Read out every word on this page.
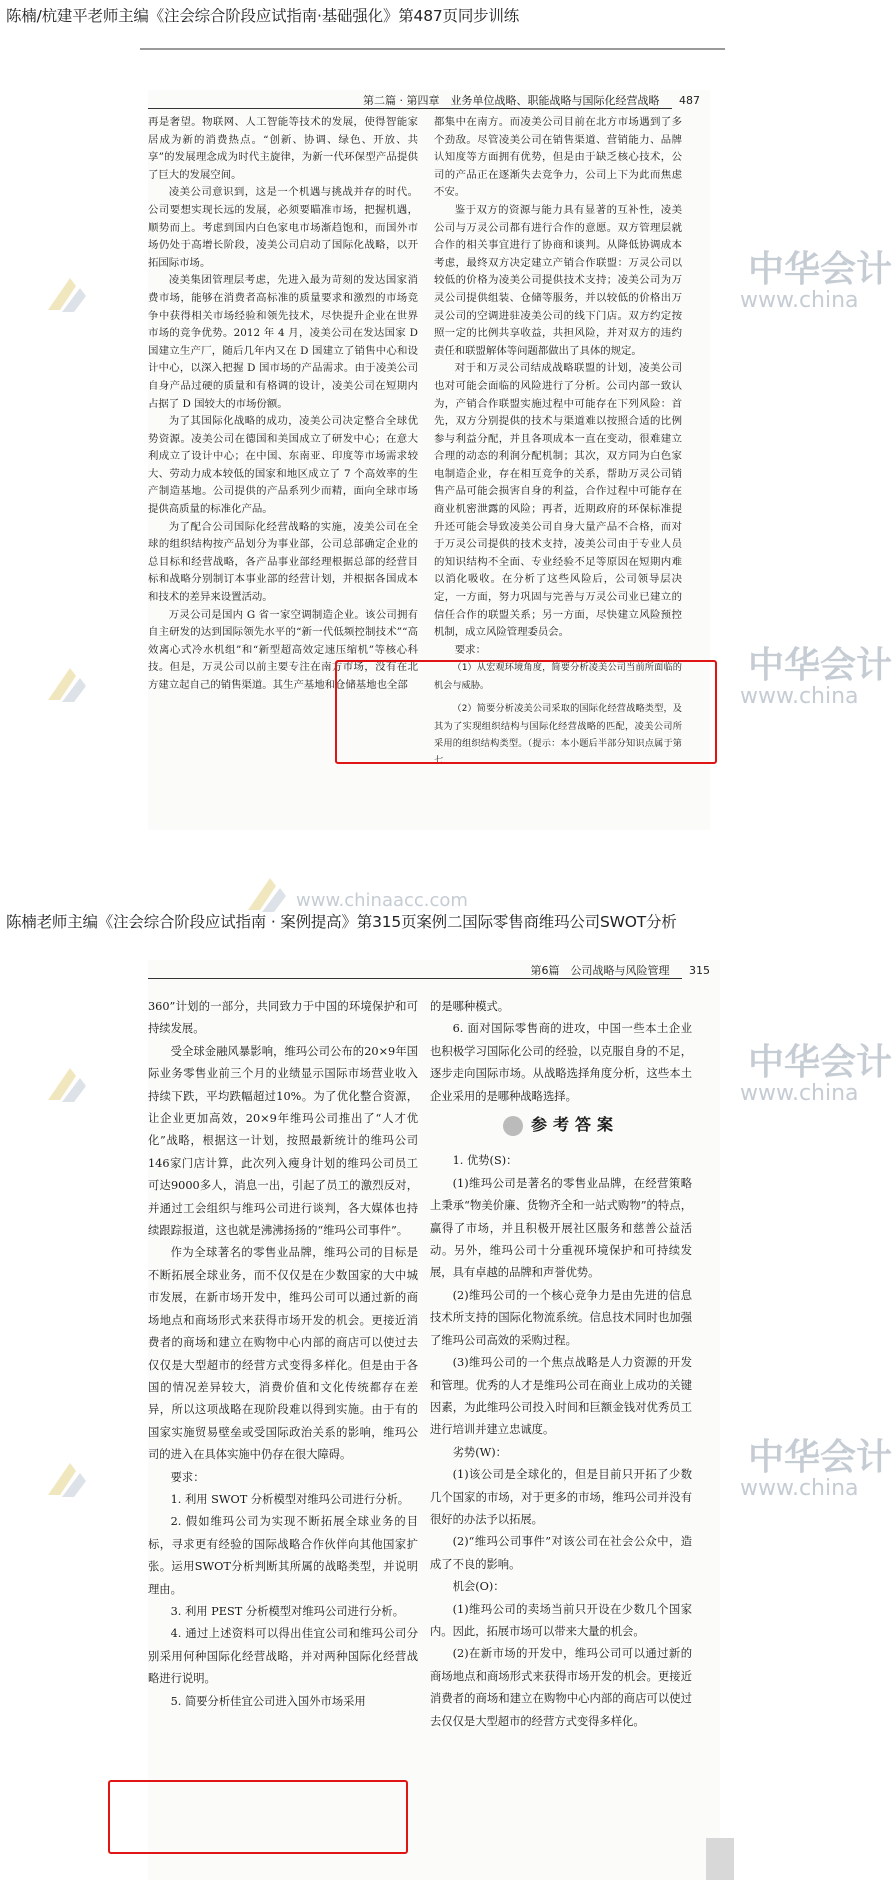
陈楠/杭建平老师主编《注会综合阶段应试指南·基础强化》第487页同步训练
陈楠老师主编《注会综合阶段应试指南 · 案例提高》第315页案例二国际零售商维玛公司SWOT分析
中华会计
www.china
中华会计
www.china
中华会计
www.china
中华会计
www.china
www.chinaacc.com
第二篇 · 第四章　业务单位战略、职能战略与国际化经营战略 487

再是奢望。物联网、人工智能等技术的发展，使得智能家居成为新的消费热点。“创新、协调、绿色、开放、共享”的发展理念成为时代主旋律，为新一代环保型产品提供了巨大的发展空间。

凌美公司意识到，这是一个机遇与挑战并存的时代。公司要想实现长远的发展，必须要瞄准市场，把握机遇，顺势而上。考虑到国内白色家电市场渐趋饱和，而国外市场仍处于高增长阶段，凌美公司启动了国际化战略，以开拓国际市场。

凌美集团管理层考虑，先进入最为苛刻的发达国家消费市场，能够在消费者高标准的质量要求和激烈的市场竞争中获得相关市场经验和领先技术，尽快提升企业在世界市场的竞争优势。2012 年 4 月，凌美公司在发达国家 D 国建立生产厂，随后几年内又在 D 国建立了销售中心和设计中心，以深入把握 D 国市场的产品需求。由于凌美公司自身产品过硬的质量和有格调的设计，凌美公司在短期内占据了 D 国较大的市场份额。

为了其国际化战略的成功，凌美公司决定整合全球优势资源。凌美公司在德国和美国成立了研发中心；在意大利成立了设计中心；在中国、东南亚、印度等市场需求较大、劳动力成本较低的国家和地区成立了 7 个高效率的生产制造基地。公司提供的产品系列少而精，面向全球市场提供高质量的标准化产品。

为了配合公司国际化经营战略的实施，凌美公司在全球的组织结构按产品划分为事业部，公司总部确定企业的总目标和经营战略，各产品事业部经理根据总部的经营目标和战略分别制订本事业部的经营计划，并根据各国成本和技术的差异来设置活动。

万灵公司是国内 G 省一家空调制造企业。该公司拥有自主研发的达到国际领先水平的“新一代低频控制技术”“高效离心式冷水机组”和“新型超高效定速压缩机”等核心科技。但是，万灵公司以前主要专注在南方市场，没有在北方建立起自己的销售渠道。其生产基地和仓储基地也全部

都集中在南方。而凌美公司目前在北方市场遇到了多个劲敌。尽管凌美公司在销售渠道、营销能力、品牌认知度等方面拥有优势，但是由于缺乏核心技术，公司的产品正在逐渐失去竞争力，公司上下为此而焦虑不安。

鉴于双方的资源与能力具有显著的互补性，凌美公司与万灵公司都有进行合作的意愿。双方管理层就合作的相关事宜进行了协商和谈判。从降低协调成本考虑，最终双方决定建立产销合作联盟：万灵公司以较低的价格为凌美公司提供技术支持；凌美公司为万灵公司提供组装、仓储等服务，并以较低的价格出万灵公司的空调进驻凌美公司的线下门店。双方约定按照一定的比例共享收益，共担风险，并对双方的违约责任和联盟解体等问题都做出了具体的规定。

对于和万灵公司结成战略联盟的计划，凌美公司也对可能会面临的风险进行了分析。公司内部一致认为，产销合作联盟实施过程中可能存在下列风险：首先，双方分别提供的技术与渠道难以按照合适的比例参与利益分配，并且各项成本一直在变动，很难建立合理的动态的利润分配机制；其次，双方同为白色家电制造企业，存在相互竞争的关系，帮助万灵公司销售产品可能会损害自身的利益，合作过程中可能存在商业机密泄露的风险；再者，近期政府的环保标准提升还可能会导致凌美公司自身大量产品不合格，而对于万灵公司提供的技术支持，凌美公司由于专业人员的知识结构不全面、专业经验不足等原因在短期内难以消化吸收。在分析了这些风险后，公司领导层决定，一方面，努力巩固与完善与万灵公司业已建立的信任合作的联盟关系；另一方面，尽快建立风险预控机制，成立风险管理委员会。

要求：

（1）从宏观环境角度，简要分析凌美公司当前所面临的机会与威胁。

（2）简要分析凌美公司采取的国际化经营战略类型，及其为了实现组织结构与国际化经营战略的匹配，凌美公司所采用的组织结构类型。（提示：本小题后半部分知识点属于第七

第6篇　公司战略与风险管理 315

360”计划的一部分，共同致力于中国的环境保护和可持续发展。

受全球金融风暴影响，维玛公司公布的20×9年国际业务零售业前三个月的业绩显示国际市场营业收入持续下跌，平均跌幅超过10%。为了优化整合资源，让企业更加高效，20×9年维玛公司推出了“人才优化”战略，根据这一计划，按照最新统计的维玛公司146家门店计算，此次列入瘦身计划的维玛公司员工可达9000多人，消息一出，引起了员工的激烈反对，并通过工会组织与维玛公司进行谈判，各大媒体也持续跟踪报道，这也就是沸沸扬扬的“维玛公司事件”。

作为全球著名的零售业品牌，维玛公司的目标是不断拓展全球业务，而不仅仅是在少数国家的大中城市发展，在新市场开发中，维玛公司可以通过新的商场地点和商场形式来获得市场开发的机会。更接近消费者的商场和建立在购物中心内部的商店可以使过去仅仅是大型超市的经营方式变得多样化。但是由于各国的情况差异较大，消费价值和文化传统都存在差异，所以这项战略在现阶段难以得到实施。由于有的国家实施贸易壁垒或受国际政治关系的影响，维玛公司的进入在具体实施中仍存在很大障碍。

要求：

1. 利用 SWOT 分析模型对维玛公司进行分析。

2. 假如维玛公司为实现不断拓展全球业务的目标，寻求更有经验的国际战略合作伙伴向其他国家扩张。运用SWOT分析判断其所属的战略类型，并说明理由。

3. 利用 PEST 分析模型对维玛公司进行分析。

4. 通过上述资料可以得出佳宜公司和维玛公司分别采用何种国际化经营战略，并对两种国际化经营战略进行说明。

5. 简要分析佳宜公司进入国外市场采用

的是哪种模式。

6. 面对国际零售商的进攻，中国一些本土企业也积极学习国际化公司的经验，以克服自身的不足，逐步走向国际市场。从战略选择角度分析，这些本土企业采用的是哪种战略选择。

参考答案

1. 优势(S)：

(1)维玛公司是著名的零售业品牌，在经营策略上秉承“物美价廉、货物齐全和一站式购物”的特点，赢得了市场，并且积极开展社区服务和慈善公益活动。另外，维玛公司十分重视环境保护和可持续发展，具有卓越的品牌和声誉优势。

(2)维玛公司的一个核心竞争力是由先进的信息技术所支持的国际化物流系统。信息技术同时也加强了维玛公司高效的采购过程。

(3)维玛公司的一个焦点战略是人力资源的开发和管理。优秀的人才是维玛公司在商业上成功的关键因素，为此维玛公司投入时间和巨额金钱对优秀员工进行培训并建立忠诚度。

劣势(W)：

(1)该公司是全球化的，但是目前只开拓了少数几个国家的市场，对于更多的市场，维玛公司并没有很好的办法予以拓展。

(2)“维玛公司事件”对该公司在社会公众中，造成了不良的影响。

机会(O)：

(1)维玛公司的卖场当前只开设在少数几个国家内。因此，拓展市场可以带来大量的机会。

(2)在新市场的开发中，维玛公司可以通过新的商场地点和商场形式来获得市场开发的机会。更接近消费者的商场和建立在购物中心内部的商店可以使过去仅仅是大型超市的经营方式变得多样化。
